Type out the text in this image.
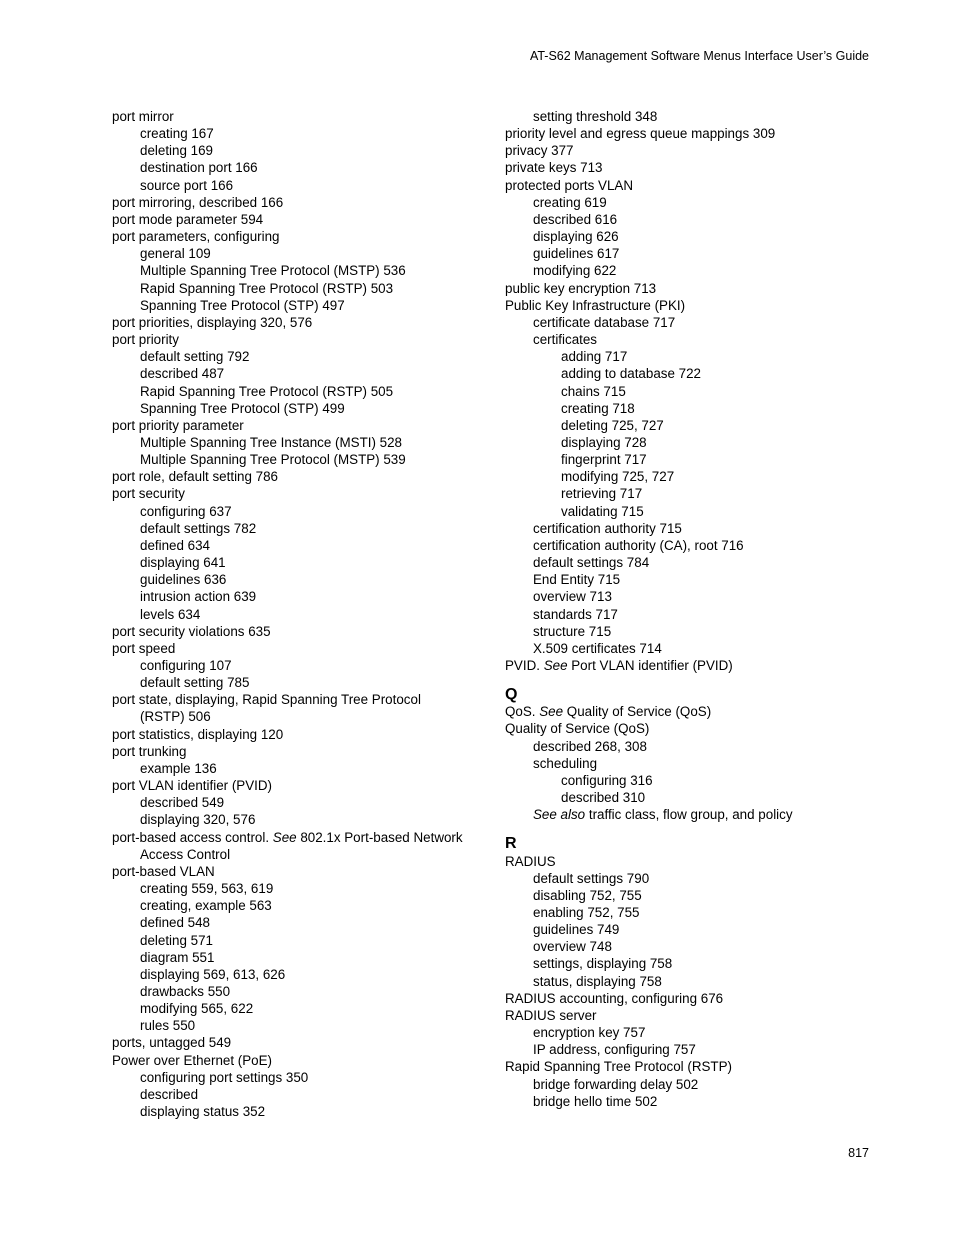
AT-S62 Management Software Menus Interface User’s Guide
port mirror
creating 167
deleting 169
destination port 166
source port 166
port mirroring, described 166
port mode parameter 594
port parameters, configuring
general 109
Multiple Spanning Tree Protocol (MSTP) 536
Rapid Spanning Tree Protocol (RSTP) 503
Spanning Tree Protocol (STP) 497
port priorities, displaying 320, 576
port priority
default setting 792
described 487
Rapid Spanning Tree Protocol (RSTP) 505
Spanning Tree Protocol (STP) 499
port priority parameter
Multiple Spanning Tree Instance (MSTI) 528
Multiple Spanning Tree Protocol (MSTP) 539
port role, default setting 786
port security
configuring 637
default settings 782
defined 634
displaying 641
guidelines 636
intrusion action 639
levels 634
port security violations 635
port speed
configuring 107
default setting 785
port state, displaying, Rapid Spanning Tree Protocol
(RSTP) 506
port statistics, displaying 120
port trunking
example 136
port VLAN identifier (PVID)
described 549
displaying 320, 576
port-based access control. See 802.1x Port-based Network
Access Control
port-based VLAN
creating 559, 563, 619
creating, example 563
defined 548
deleting 571
diagram 551
displaying 569, 613, 626
drawbacks 550
modifying 565, 622
rules 550
ports, untagged 549
Power over Ethernet (PoE)
configuring port settings 350
described
displaying status 352
setting threshold 348
priority level and egress queue mappings 309
privacy 377
private keys 713
protected ports VLAN
creating 619
described 616
displaying 626
guidelines 617
modifying 622
public key encryption 713
Public Key Infrastructure (PKI)
certificate database 717
certificates
adding 717
adding to database 722
chains 715
creating 718
deleting 725, 727
displaying 728
fingerprint 717
modifying 725, 727
retrieving 717
validating 715
certification authority 715
certification authority (CA), root 716
default settings 784
End Entity 715
overview 713
standards 717
structure 715
X.509 certificates 714
PVID. See Port VLAN identifier (PVID)
Q
QoS. See Quality of Service (QoS)
Quality of Service (QoS)
described 268, 308
scheduling
configuring 316
described 310
See also traffic class, flow group, and policy
R
RADIUS
default settings 790
disabling 752, 755
enabling 752, 755
guidelines 749
overview 748
settings, displaying 758
status, displaying 758
RADIUS accounting, configuring 676
RADIUS server
encryption key 757
IP address, configuring 757
Rapid Spanning Tree Protocol (RSTP)
bridge forwarding delay 502
bridge hello time 502
817
